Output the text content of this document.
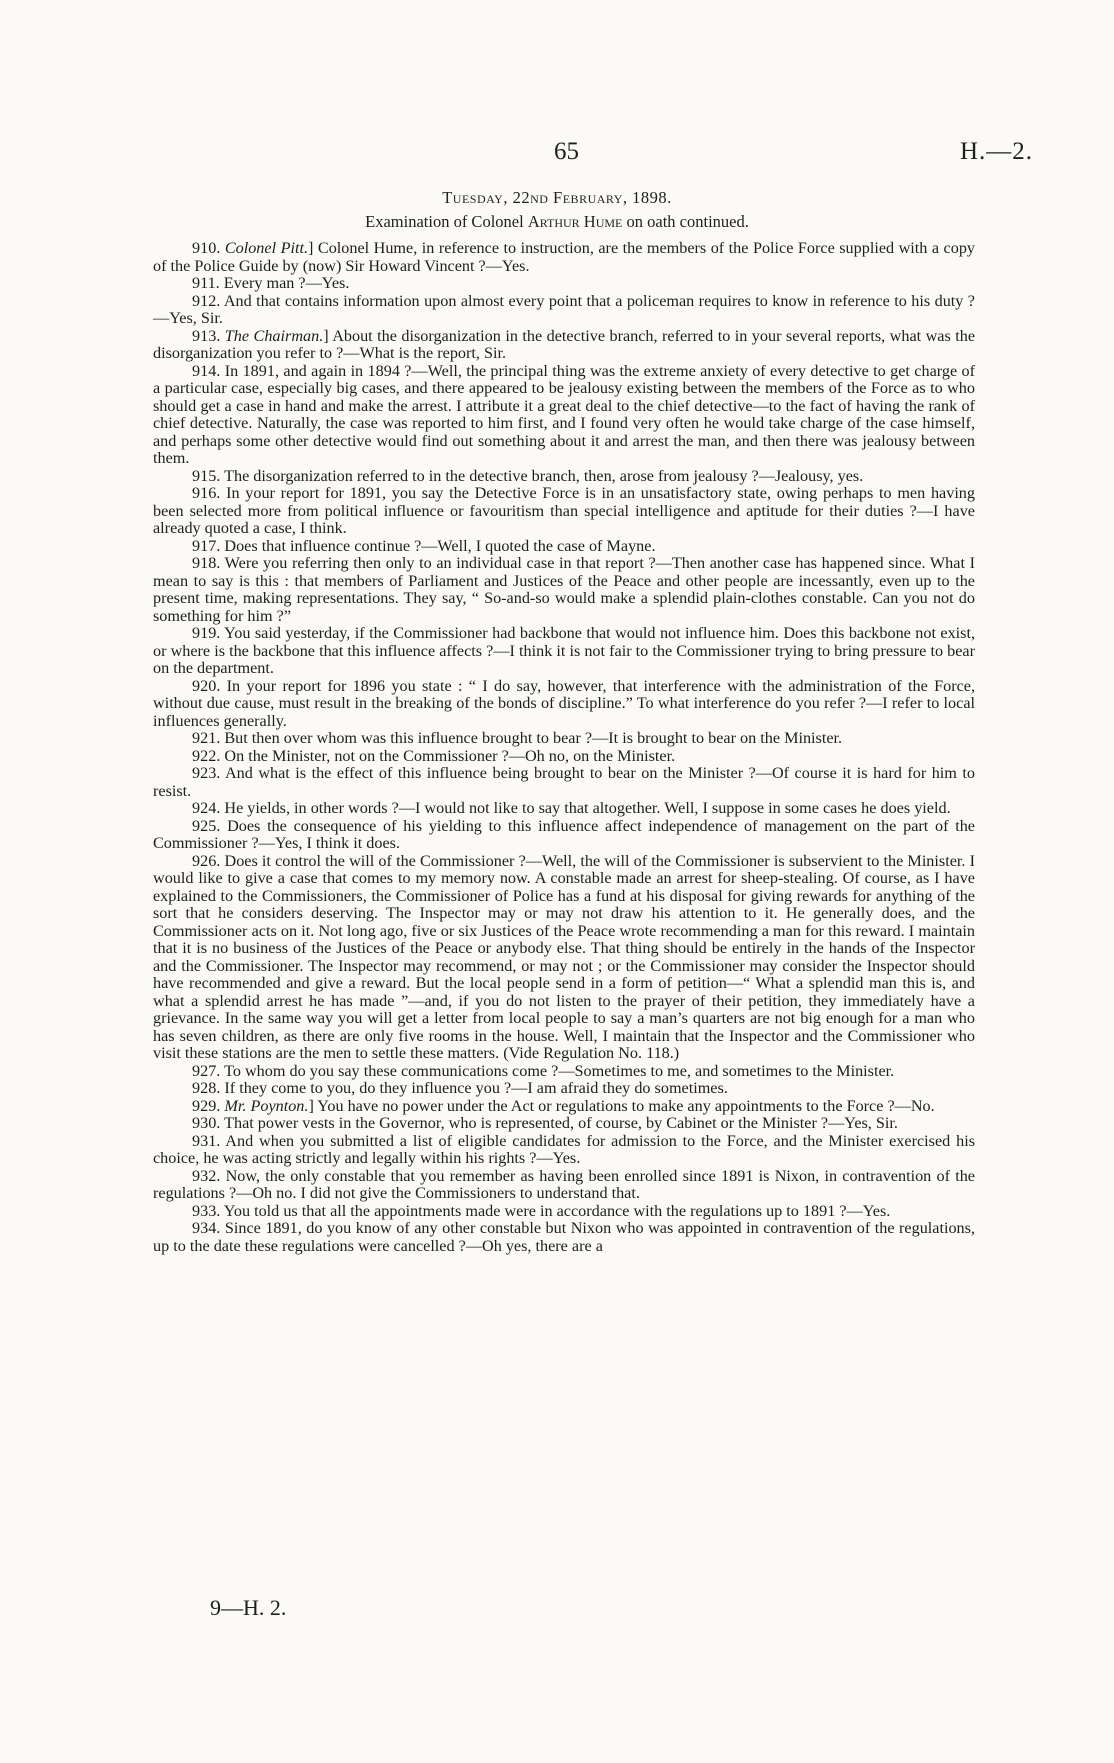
65	H.—2.
Tuesday, 22nd February, 1898.
Examination of Colonel Arthur Hume on oath continued.

910. Colonel Pitt.] Colonel Hume, in reference to instruction, are the members of the Police Force supplied with a copy of the Police Guide by (now) Sir Howard Vincent ?—Yes.

911. Every man ?—Yes.

912. And that contains information upon almost every point that a policeman requires to know in reference to his duty ?—Yes, Sir.

913. The Chairman.] About the disorganization in the detective branch, referred to in your several reports, what was the disorganization you refer to ?—What is the report, Sir.

914. In 1891, and again in 1894 ?—Well, the principal thing was the extreme anxiety of every detective to get charge of a particular case, especially big cases, and there appeared to be jealousy existing between the members of the Force as to who should get a case in hand and make the arrest. I attribute it a great deal to the chief detective—to the fact of having the rank of chief detective. Naturally, the case was reported to him first, and I found very often he would take charge of the case himself, and perhaps some other detective would find out something about it and arrest the man, and then there was jealousy between them.

915. The disorganization referred to in the detective branch, then, arose from jealousy ?—Jealousy, yes.

916. In your report for 1891, you say the Detective Force is in an unsatisfactory state, owing perhaps to men having been selected more from political influence or favouritism than special intelligence and aptitude for their duties ?—I have already quoted a case, I think.

917. Does that influence continue ?—Well, I quoted the case of Mayne.

918. Were you referring then only to an individual case in that report ?—Then another case has happened since. What I mean to say is this : that members of Parliament and Justices of the Peace and other people are incessantly, even up to the present time, making representations. They say, “ So-and-so would make a splendid plain-clothes constable. Can you not do something for him ?”

919. You said yesterday, if the Commissioner had backbone that would not influence him. Does this backbone not exist, or where is the backbone that this influence affects ?—I think it is not fair to the Commissioner trying to bring pressure to bear on the department.

920. In your report for 1896 you state : “ I do say, however, that interference with the administration of the Force, without due cause, must result in the breaking of the bonds of discipline.” To what interference do you refer ?—I refer to local influences generally.

921. But then over whom was this influence brought to bear ?—It is brought to bear on the Minister.

922. On the Minister, not on the Commissioner ?—Oh no, on the Minister.

923. And what is the effect of this influence being brought to bear on the Minister ?—Of course it is hard for him to resist.

924. He yields, in other words ?—I would not like to say that altogether. Well, I suppose in some cases he does yield.

925. Does the consequence of his yielding to this influence affect independence of management on the part of the Commissioner ?—Yes, I think it does.

926. Does it control the will of the Commissioner ?—Well, the will of the Commissioner is subservient to the Minister. I would like to give a case that comes to my memory now. A constable made an arrest for sheep-stealing. Of course, as I have explained to the Commissioners, the Commissioner of Police has a fund at his disposal for giving rewards for anything of the sort that he considers deserving. The Inspector may or may not draw his attention to it. He generally does, and the Commissioner acts on it. Not long ago, five or six Justices of the Peace wrote recommending a man for this reward. I maintain that it is no business of the Justices of the Peace or anybody else. That thing should be entirely in the hands of the Inspector and the Commissioner. The Inspector may recommend, or may not ; or the Commissioner may consider the Inspector should have recommended and give a reward. But the local people send in a form of petition—“ What a splendid man this is, and what a splendid arrest he has made ”—and, if you do not listen to the prayer of their petition, they immediately have a grievance. In the same way you will get a letter from local people to say a man’s quarters are not big enough for a man who has seven children, as there are only five rooms in the house. Well, I maintain that the Inspector and the Commissioner who visit these stations are the men to settle these matters. (Vide Regulation No. 118.)

927. To whom do you say these communications come ?—Sometimes to me, and sometimes to the Minister.

928. If they come to you, do they influence you ?—I am afraid they do sometimes.

929. Mr. Poynton.] You have no power under the Act or regulations to make any appointments to the Force ?—No.

930. That power vests in the Governor, who is represented, of course, by Cabinet or the Minister ?—Yes, Sir.

931. And when you submitted a list of eligible candidates for admission to the Force, and the Minister exercised his choice, he was acting strictly and legally within his rights ?—Yes.

932. Now, the only constable that you remember as having been enrolled since 1891 is Nixon, in contravention of the regulations ?—Oh no. I did not give the Commissioners to understand that.

933. You told us that all the appointments made were in accordance with the regulations up to 1891 ?—Yes.

934. Since 1891, do you know of any other constable but Nixon who was appointed in contravention of the regulations, up to the date these regulations were cancelled ?—Oh yes, there are a

9—H. 2.
